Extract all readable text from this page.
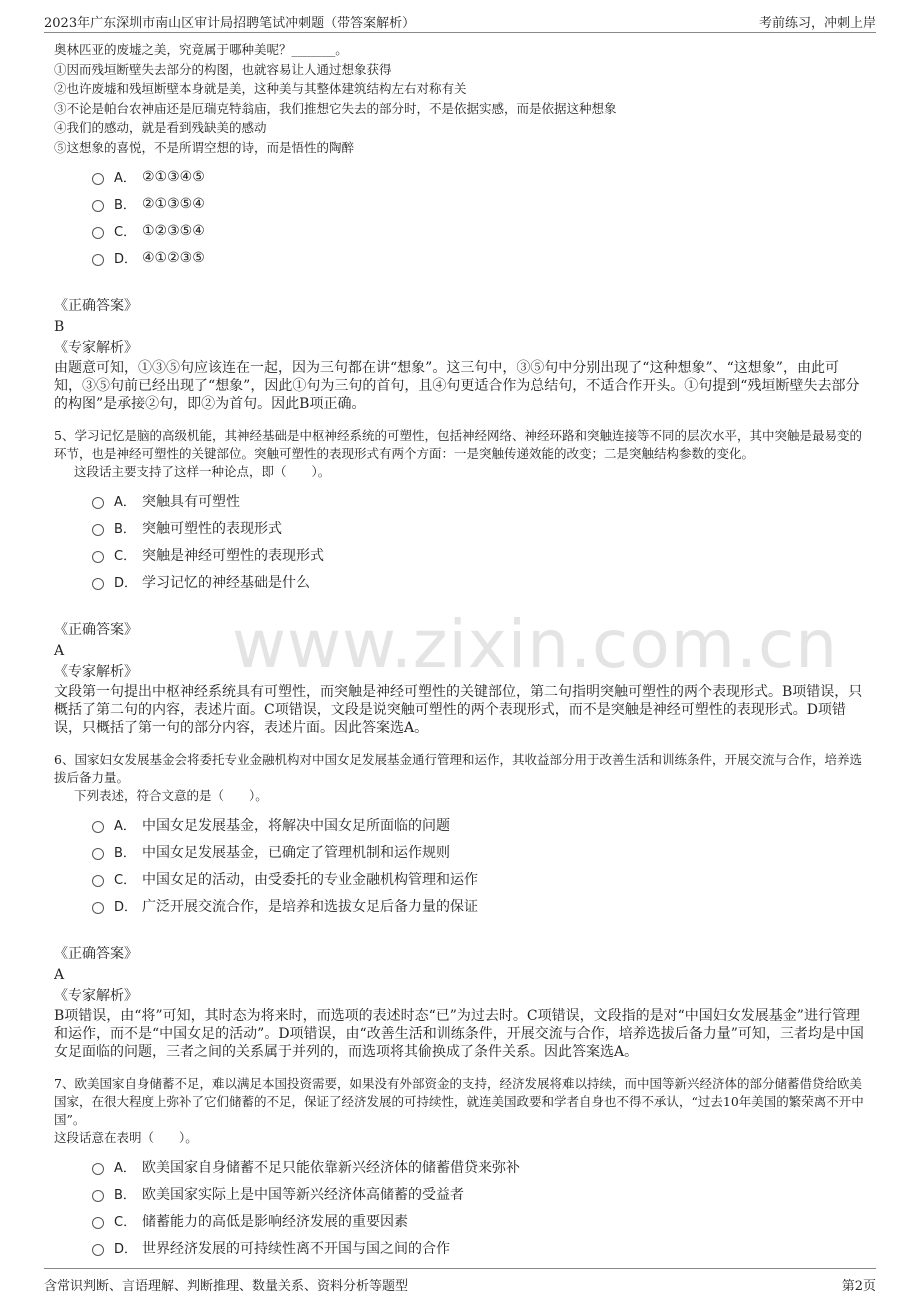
2023年广东深圳市南山区审计局招聘笔试冲刺题（带答案解析）	考前练习，冲刺上岸
www.zixin.com.cn

奥林匹亚的废墟之美，究竟属于哪种美呢？_______。

①因而残垣断壁失去部分的构图，也就容易让人通过想象获得

②也许废墟和残垣断壁本身就是美，这种美与其整体建筑结构左右对称有关

③不论是帕台农神庙还是厄瑞克特翁庙，我们推想它失去的部分时，不是依据实感，而是依据这种想象

④我们的感动，就是看到残缺美的感动

⑤这想象的喜悦，不是所谓空想的诗，而是悟性的陶醉

A． ②①③④⑤
B． ②①③⑤④
C． ①②③⑤④
D． ④①②③⑤

《正确答案》

B

《专家解析》

由题意可知，①③⑤句应该连在一起，因为三句都在讲“想象”。这三句中，③⑤句中分别出现了“这种想象”、“这想象”，由此可知，③⑤句前已经出现了“想象”，因此①句为三句的首句，且④句更适合作为总结句，不适合作开头。①句提到“残垣断壁失去部分的构图”是承接②句，即②为首句。因此B项正确。

5、学习记忆是脑的高级机能，其神经基础是中枢神经系统的可塑性，包括神经网络、神经环路和突触连接等不同的层次水平，其中突触是最易变的环节，也是神经可塑性的关键部位。突触可塑性的表现形式有两个方面：一是突触传递效能的改变；二是突触结构参数的变化。

这段话主要支持了这样一种论点，即（　　）。

A． 突触具有可塑性
B． 突触可塑性的表现形式
C． 突触是神经可塑性的表现形式
D． 学习记忆的神经基础是什么

《正确答案》

A

《专家解析》

文段第一句提出中枢神经系统具有可塑性，而突触是神经可塑性的关键部位，第二句指明突触可塑性的两个表现形式。B项错误，只概括了第二句的内容，表述片面。C项错误，文段是说突触可塑性的两个表现形式，而不是突触是神经可塑性的表现形式。D项错误，只概括了第一句的部分内容，表述片面。因此答案选A。

6、国家妇女发展基金会将委托专业金融机构对中国女足发展基金通行管理和运作，其收益部分用于改善生活和训练条件，开展交流与合作，培养选拔后备力量。

下列表述，符合文意的是（　　）。

A． 中国女足发展基金，将解决中国女足所面临的问题
B． 中国女足发展基金，已确定了管理机制和运作规则
C． 中国女足的活动，由受委托的专业金融机构管理和运作
D． 广泛开展交流合作，是培养和选拔女足后备力量的保证

《正确答案》

A

《专家解析》

B项错误，由“将”可知，其时态为将来时，而选项的表述时态“已”为过去时。C项错误，文段指的是对“中国妇女发展基金”进行管理和运作，而不是“中国女足的活动”。D项错误，由“改善生活和训练条件，开展交流与合作，培养选拔后备力量”可知，三者均是中国女足面临的问题，三者之间的关系属于并列的，而选项将其偷换成了条件关系。因此答案选A。

7、欧美国家自身储蓄不足，难以满足本国投资需要，如果没有外部资金的支持，经济发展将难以持续，而中国等新兴经济体的部分储蓄借贷给欧美国家，在很大程度上弥补了它们储蓄的不足，保证了经济发展的可持续性，就连美国政要和学者自身也不得不承认，“过去10年美国的繁荣离不开中国”。

这段话意在表明（　　）。

A． 欧美国家自身储蓄不足只能依靠新兴经济体的储蓄借贷来弥补
B． 欧美国家实际上是中国等新兴经济体高储蓄的受益者
C． 储蓄能力的高低是影响经济发展的重要因素
D． 世界经济发展的可持续性离不开国与国之间的合作
含常识判断、言语理解、判断推理、数量关系、资料分析等题型	第2页
